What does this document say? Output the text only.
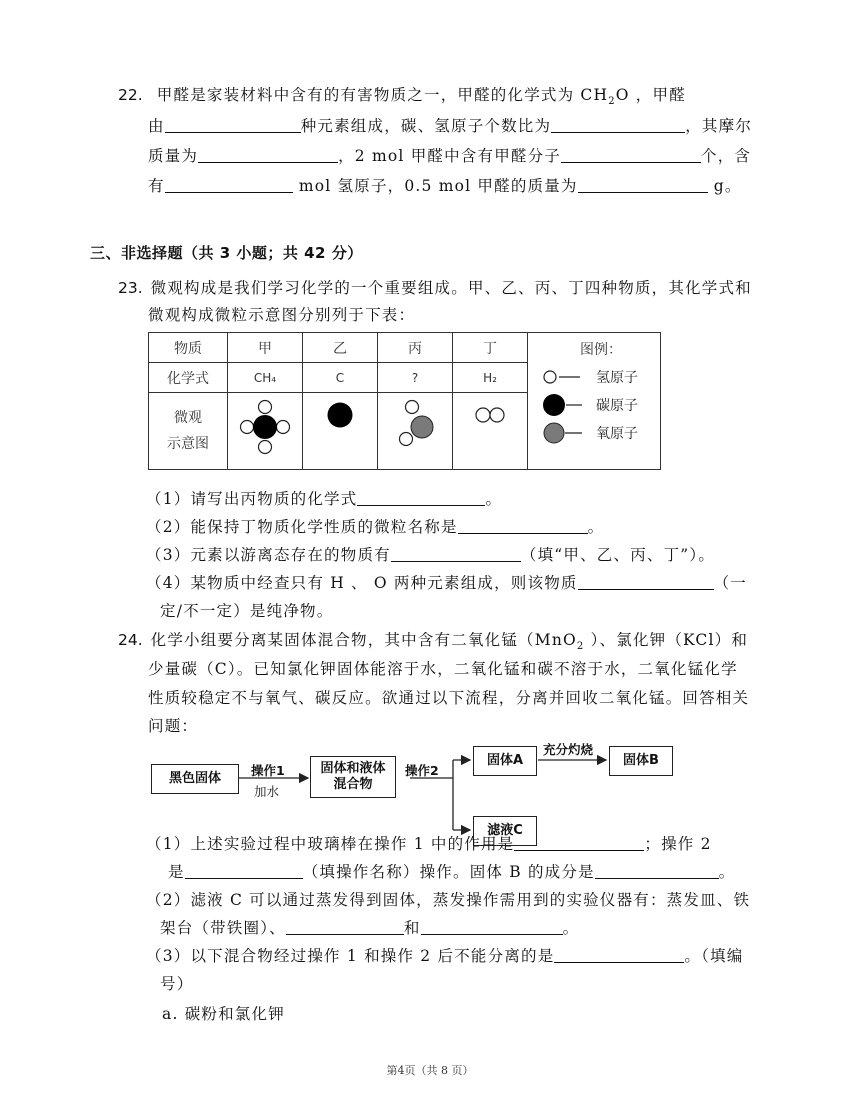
22. 甲醛是家装材料中含有的有害物质之一，甲醛的化学式为 $CH_2O$ ，甲醛
由	种元素组成，碳、氢原子个数比为	，其摩尔
质量为	，2 mol 甲醛中含有甲醛分子	个，含
有	mol 氢原子，0.5 mol 甲醛的质量为	g。
三、非选择题（共 3 小题；共 42 分）
23. 微观构成是我们学习化学的一个重要组成。甲、乙、丙、丁四种物质，其化学式和
微观构成微粒示意图分别列于下表：
物质	甲	乙	丙	丁	图例：
氢原子
碳原子
氧原子

化学式	CH₄	C	?	H₂	

微观
示意图

（1）请写出丙物质的化学式	。
（2）能保持丁物质化学性质的微粒名称是	。
（3）元素以游离态存在的物质有	（填“甲、乙、丙、丁”）。
（4）某物质中经查只有 H 、 O 两种元素组成，则该物质	（一
定/不一定）是纯净物。
24. 化学小组要分离某固体混合物，其中含有二氧化锰（MnO$_2$ ）、氯化钾（KCl）和
少量碳（C）。已知氯化钾固体能溶于水，二氧化锰和碳不溶于水，二氧化锰化学
性质较稳定不与氧气、碳反应。欲通过以下流程，分离并回收二氧化锰。回答相关
问题：
黑色固体
操作1
加水
固体和液体
混合物
操作2
固体A
充分灼烧
固体B
滤液C
（1）上述实验过程中玻璃棒在操作 1 中的作用是	；操作 2
是	（填操作名称）操作。固体 B 的成分是	。
（2）滤液 C 可以通过蒸发得到固体，蒸发操作需用到的实验仪器有：蒸发皿、铁
架台（带铁圈）、	和	。
（3）以下混合物经过操作 1 和操作 2 后不能分离的是	。（填编
号）
a. 碳粉和氯化钾
第4页（共 8 页）
